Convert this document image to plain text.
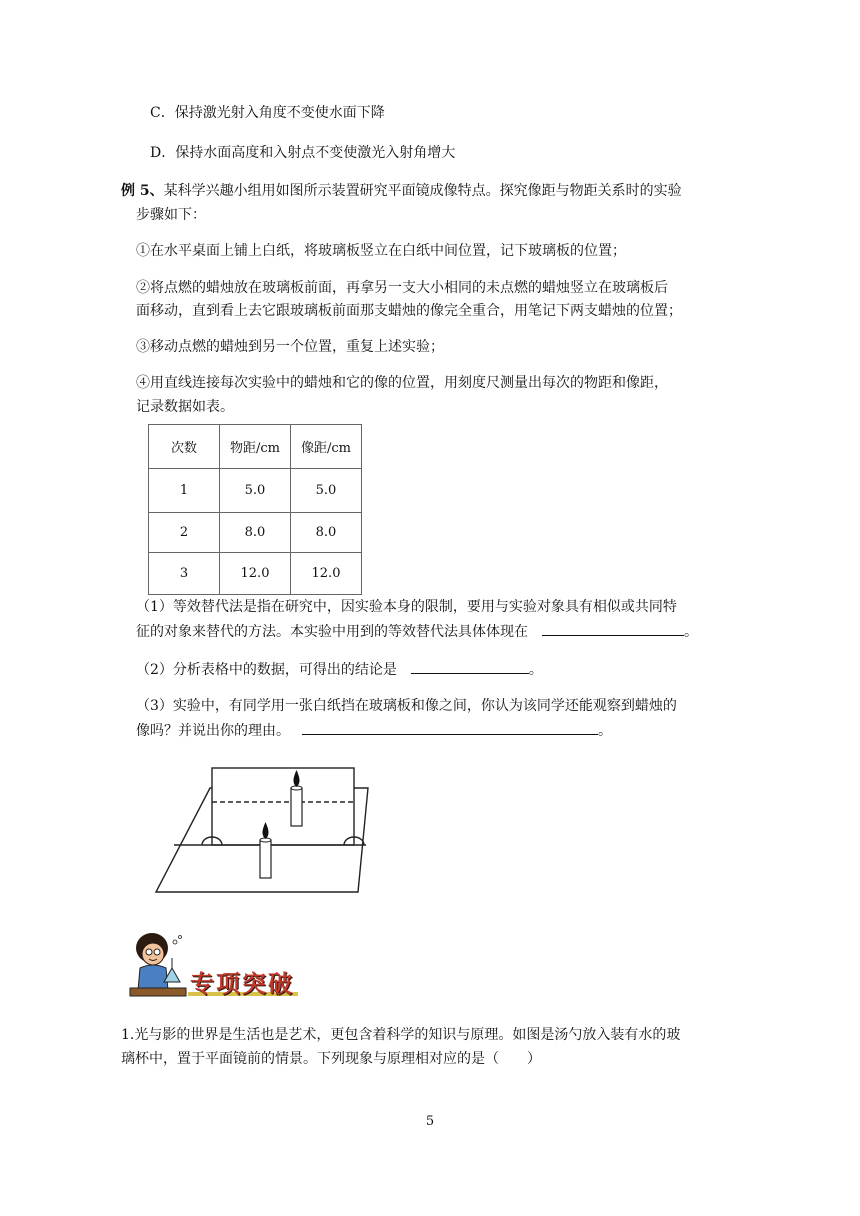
C．保持激光射入角度不变使水面下降
D．保持水面高度和入射点不变使激光入射角增大
例 5、某科学兴趣小组用如图所示装置研究平面镜成像特点。探究像距与物距关系时的实验
步骤如下：
①在水平桌面上铺上白纸，将玻璃板竖立在白纸中间位置，记下玻璃板的位置；
②将点燃的蜡烛放在玻璃板前面，再拿另一支大小相同的未点燃的蜡烛竖立在玻璃板后
面移动，直到看上去它跟玻璃板前面那支蜡烛的像完全重合，用笔记下两支蜡烛的位置；
③移动点燃的蜡烛到另一个位置，重复上述实验；
④用直线连接每次实验中的蜡烛和它的像的位置，用刻度尺测量出每次的物距和像距，
记录数据如表。
次数	物距/cm	像距/cm
1	5.0	5.0
2	8.0	8.0
3	12.0	12.0
（1）等效替代法是指在研究中，因实验本身的限制，要用与实验对象具有相似或共同特
征的对象来替代的方法。本实验中用到的等效替代法具体体现在	。
（2）分析表格中的数据，可得出的结论是	。
（3）实验中，有同学用一张白纸挡在玻璃板和像之间，你认为该同学还能观察到蜡烛的
像吗？并说出你的理由。	。
专项突破
1.光与影的世界是生活也是艺术，更包含着科学的知识与原理。如图是汤勺放入装有水的玻
璃杯中，置于平面镜前的情景。下列现象与原理相对应的是（　　）
5
